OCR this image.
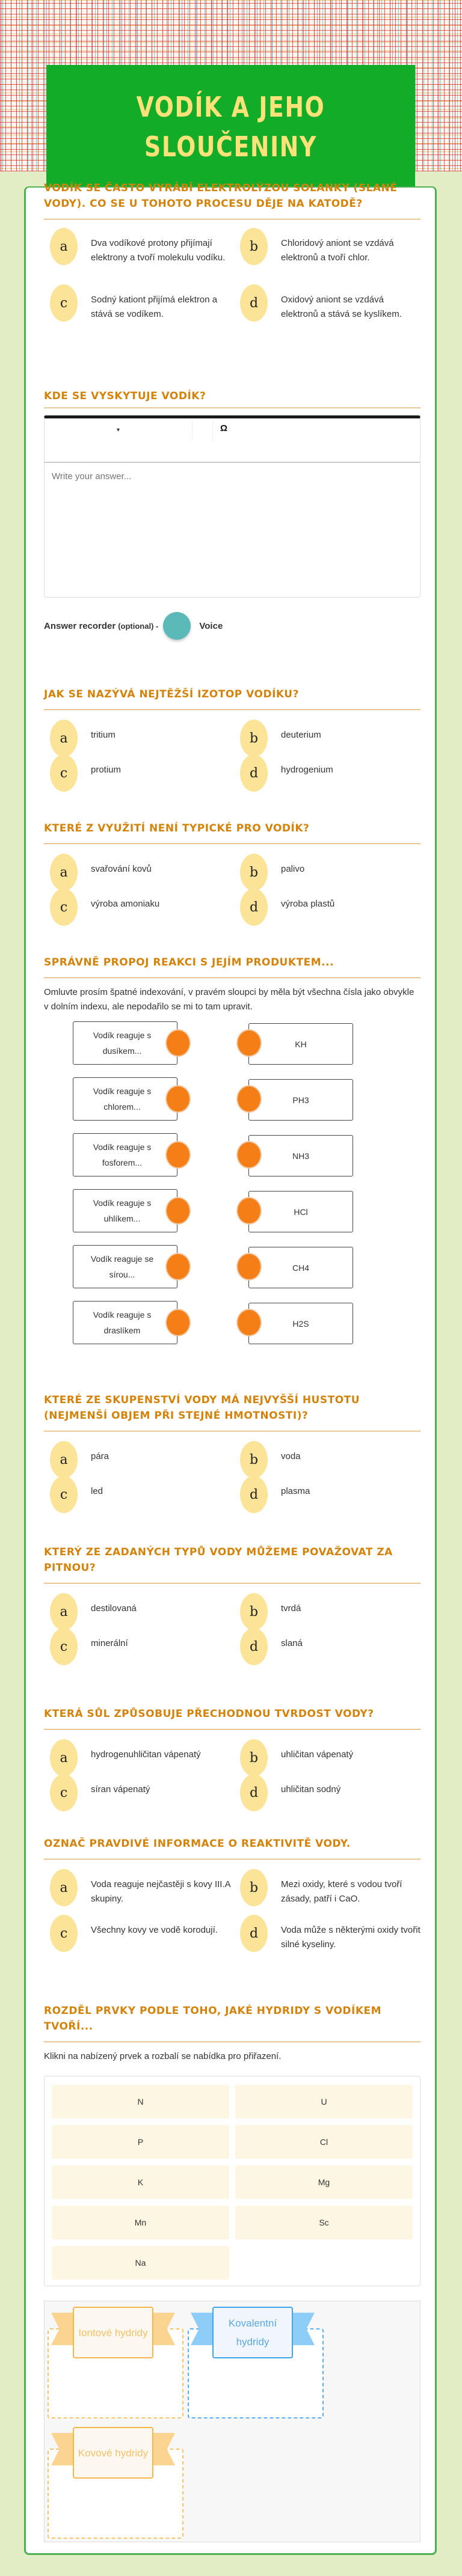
VODÍK A JEHO SLOUČENINY
VODÍK SE ČASTO VYRÁBÍ ELEKTROLÝZOU SOLANKY (SLANÉ VODY). CO SE U TOHOTO PROCESU DĚJE NA KATODĚ?
a	Dva vodíkové protony přijímají elektrony a tvoří molekulu vodíku.
b	Chloridový aniont se vzdává elektronů a tvoří chlor.
c	Sodný kationt přijímá elektron a stává se vodíkem.
d	Oxidový aniont se vzdává elektronů a stává se kyslíkem.
KDE SE VYSKYTUJE VODÍK?
▾	Ω
Write your answer...
Answer recorder (optional) -	Voice
JAK SE NAZÝVÁ NEJTĚŽŠÍ IZOTOP VODÍKU?
a	tritium	b	deuterium
c	protium	d	hydrogenium
KTERÉ Z VYUŽITÍ NENÍ TYPICKÉ PRO VODÍK?
a	svařování kovů	b	palivo
c	výroba amoniaku	d	výroba plastů
SPRÁVNĚ PROPOJ REAKCI S JEJÍM PRODUKTEM...

Omluvte prosím špatné indexování, v pravém sloupci by měla být všechna čísla jako obvykle v dolním indexu, ale nepodařilo se mi to tam upravit.

Vodík reaguje s dusíkem...
KH
Vodík reaguje s chlorem...
PH3
Vodík reaguje s fosforem...
NH3
Vodík reaguje s uhlíkem...
HCl
Vodík reaguje se sírou...
CH4
Vodík reaguje s draslíkem
H2S
KTERÉ ZE SKUPENSTVÍ VODY MÁ NEJVYŠŠÍ HUSTOTU (NEJMENŠÍ OBJEM PŘI STEJNÉ HMOTNOSTI)?
a	pára	b	voda
c	led	d	plasma
KTERÝ ZE ZADANÝCH TYPŮ VODY MŮŽEME POVAŽOVAT ZA PITNOU?
a	destilovaná	b	tvrdá
c	minerální	d	slaná
KTERÁ SŮL ZPŮSOBUJE PŘECHODNOU TVRDOST VODY?
a	hydrogenuhličitan vápenatý	b	uhličitan vápenatý
c	síran vápenatý	d	uhličitan sodný
OZNAČ PRAVDIVÉ INFORMACE O REAKTIVITĚ VODY.
a	Voda reaguje nejčastěji s kovy III.A skupiny.
b	Mezi oxidy, které s vodou tvoří zásady, patří i CaO.
c	Všechny kovy ve vodě korodují.	d	Voda může s některými oxidy tvořit silné kyseliny.
ROZDĚL PRVKY PODLE TOHO, JAKÉ HYDRIDY S VODÍKEM TVOŘÍ...

Klikni na nabízený prvek a rozbalí se nabídka pro přiřazení.

N	U
P	Cl
K	Mg
Mn	Sc
Na
Iontové hydridy
Kovalentní hydridy
Kovové hydridy
